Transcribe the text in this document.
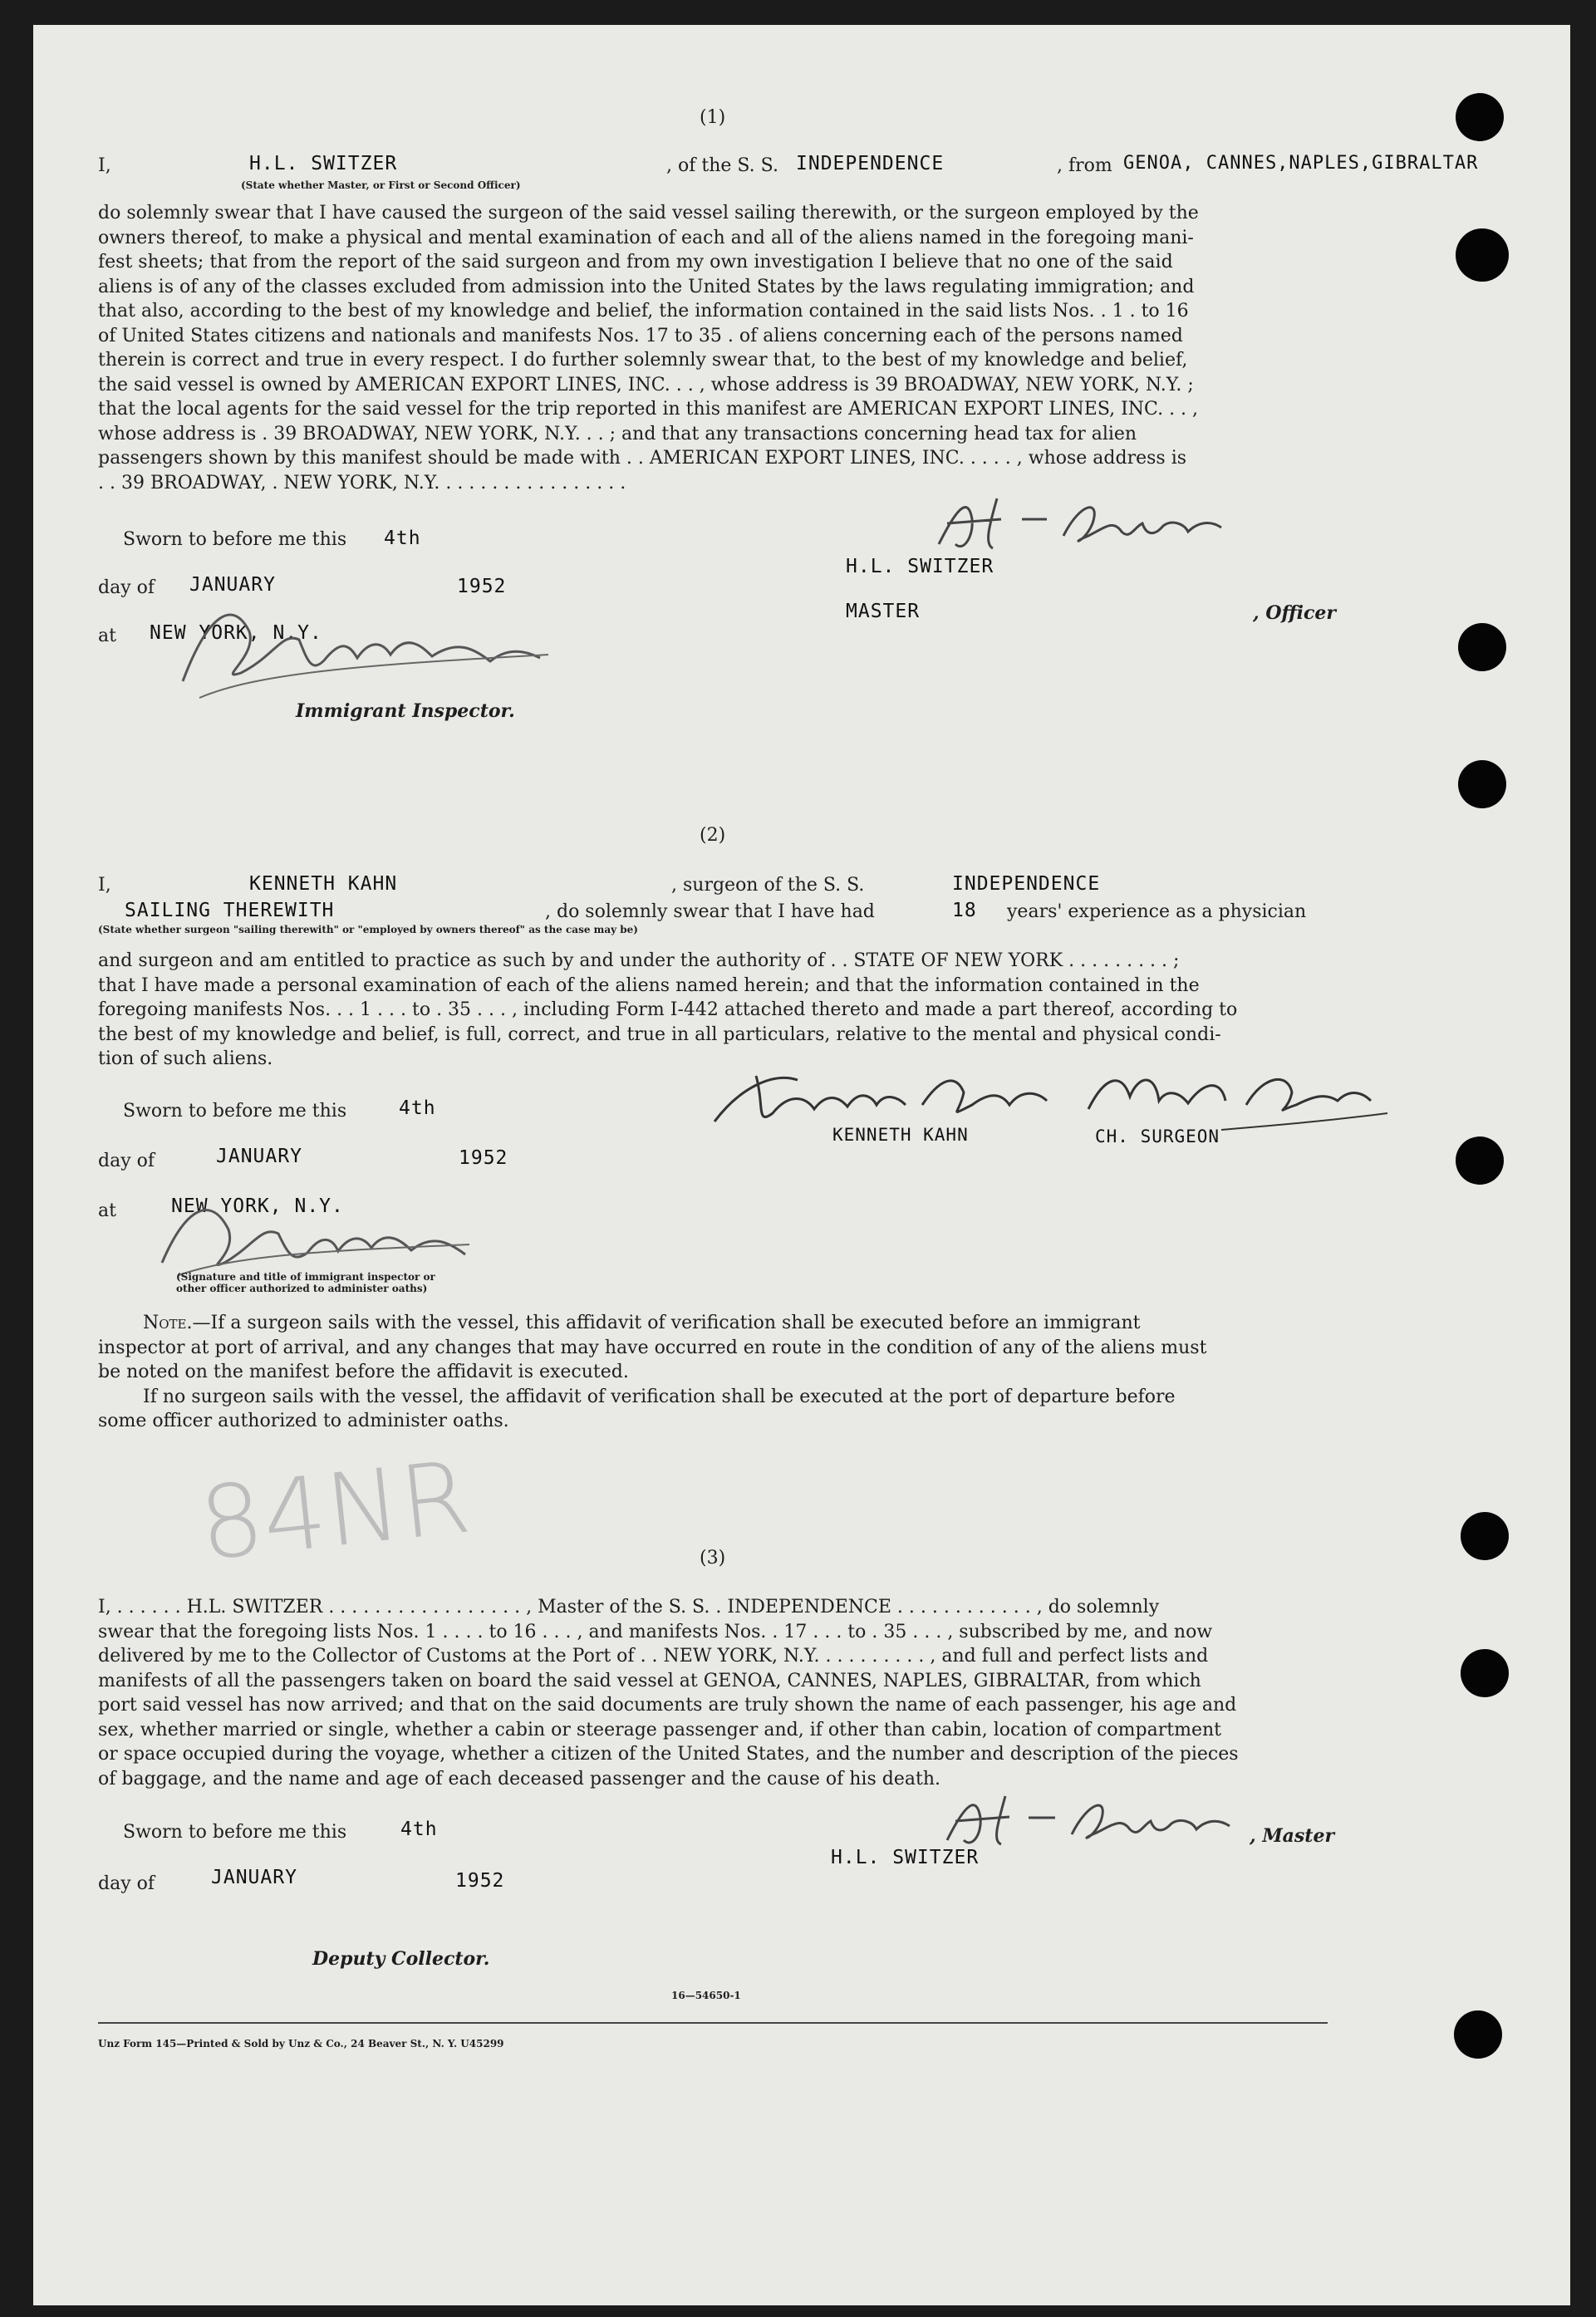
(1)
I,	H.L. SWITZER	, of the S. S. INDEPENDENCE	, from GENOA, CANNES,NAPLES,GIBRALTAR
(State whether Master, or First or Second Officer)
do solemnly swear that I have caused the surgeon of the said vessel sailing therewith, or the surgeon employed by the
owners thereof, to make a physical and mental examination of each and all of the aliens named in the foregoing mani-
fest sheets; that from the report of the said surgeon and from my own investigation I believe that no one of the said
aliens is of any of the classes excluded from admission into the United States by the laws regulating immigration; and
that also, according to the best of my knowledge and belief, the information contained in the said lists Nos. . 1 . to 16
of United States citizens and nationals and manifests Nos. 17 to 35 . of aliens concerning each of the persons named
therein is correct and true in every respect. I do further solemnly swear that, to the best of my knowledge and belief,
the said vessel is owned by AMERICAN EXPORT LINES, INC. . . , whose address is 39 BROADWAY, NEW YORK, N.Y. ;
that the local agents for the said vessel for the trip reported in this manifest are AMERICAN EXPORT LINES, INC. . . ,
whose address is . 39 BROADWAY, NEW YORK, N.Y. . . ; and that any transactions concerning head tax for alien
passengers shown by this manifest should be made with . . AMERICAN EXPORT LINES, INC. . . . . , whose address is
. . 39 BROADWAY, . NEW YORK, N.Y. . . . . . . . . . . . . . . . .
Sworn to before me this 4th
day of JANUARY	1952
at NEW YORK, N.Y.
Immigrant Inspector.
H.L. SWITZER
MASTER	, Officer
(2)
I,	KENNETH KAHN	, surgeon of the S. S.	INDEPENDENCE
SAILING THEREWITH	, do solemnly swear that I have had	18 years' experience as a physician
(State whether surgeon "sailing therewith" or "employed by owners thereof" as the case may be)
and surgeon and am entitled to practice as such by and under the authority of . . STATE OF NEW YORK . . . . . . . . . ;
that I have made a personal examination of each of the aliens named herein; and that the information contained in the
foregoing manifests Nos. . . 1 . . . to . 35 . . . , including Form I-442 attached thereto and made a part thereof, according to
the best of my knowledge and belief, is full, correct, and true in all particulars, relative to the mental and physical condi-
tion of such aliens.
Sworn to before me this	4th
day of	JANUARY	1952
at	NEW YORK, N.Y.
(Signature and title of immigrant inspector or
other officer authorized to administer oaths)
KENNETH KAHN	CH. SURGEON
Note.—If a surgeon sails with the vessel, this affidavit of verification shall be executed before an immigrant
inspector at port of arrival, and any changes that may have occurred en route in the condition of any of the aliens must
be noted on the manifest before the affidavit is executed.
If no surgeon sails with the vessel, the affidavit of verification shall be executed at the port of departure before
some officer authorized to administer oaths.
84NR	(3)
I, . . . . . . H.L. SWITZER . . . . . . . . . . . . . . . . . , Master of the S. S. . INDEPENDENCE . . . . . . . . . . . . , do solemnly
swear that the foregoing lists Nos. 1 . . . . to 16 . . . , and manifests Nos. . 17 . . . to . 35 . . . , subscribed by me, and now
delivered by me to the Collector of Customs at the Port of . . NEW YORK, N.Y. . . . . . . . . . , and full and perfect lists and
manifests of all the passengers taken on board the said vessel at GENOA, CANNES, NAPLES, GIBRALTAR, from which
port said vessel has now arrived; and that on the said documents are truly shown the name of each passenger, his age and
sex, whether married or single, whether a cabin or steerage passenger and, if other than cabin, location of compartment
or space occupied during the voyage, whether a citizen of the United States, and the number and description of the pieces
of baggage, and the name and age of each deceased passenger and the cause of his death.
Sworn to before me this	4th
day of	JANUARY	1952
Deputy Collector.
, Master
H.L. SWITZER
16—54650-1
Unz Form 145—Printed & Sold by Unz & Co., 24 Beaver St., N. Y. U45299
